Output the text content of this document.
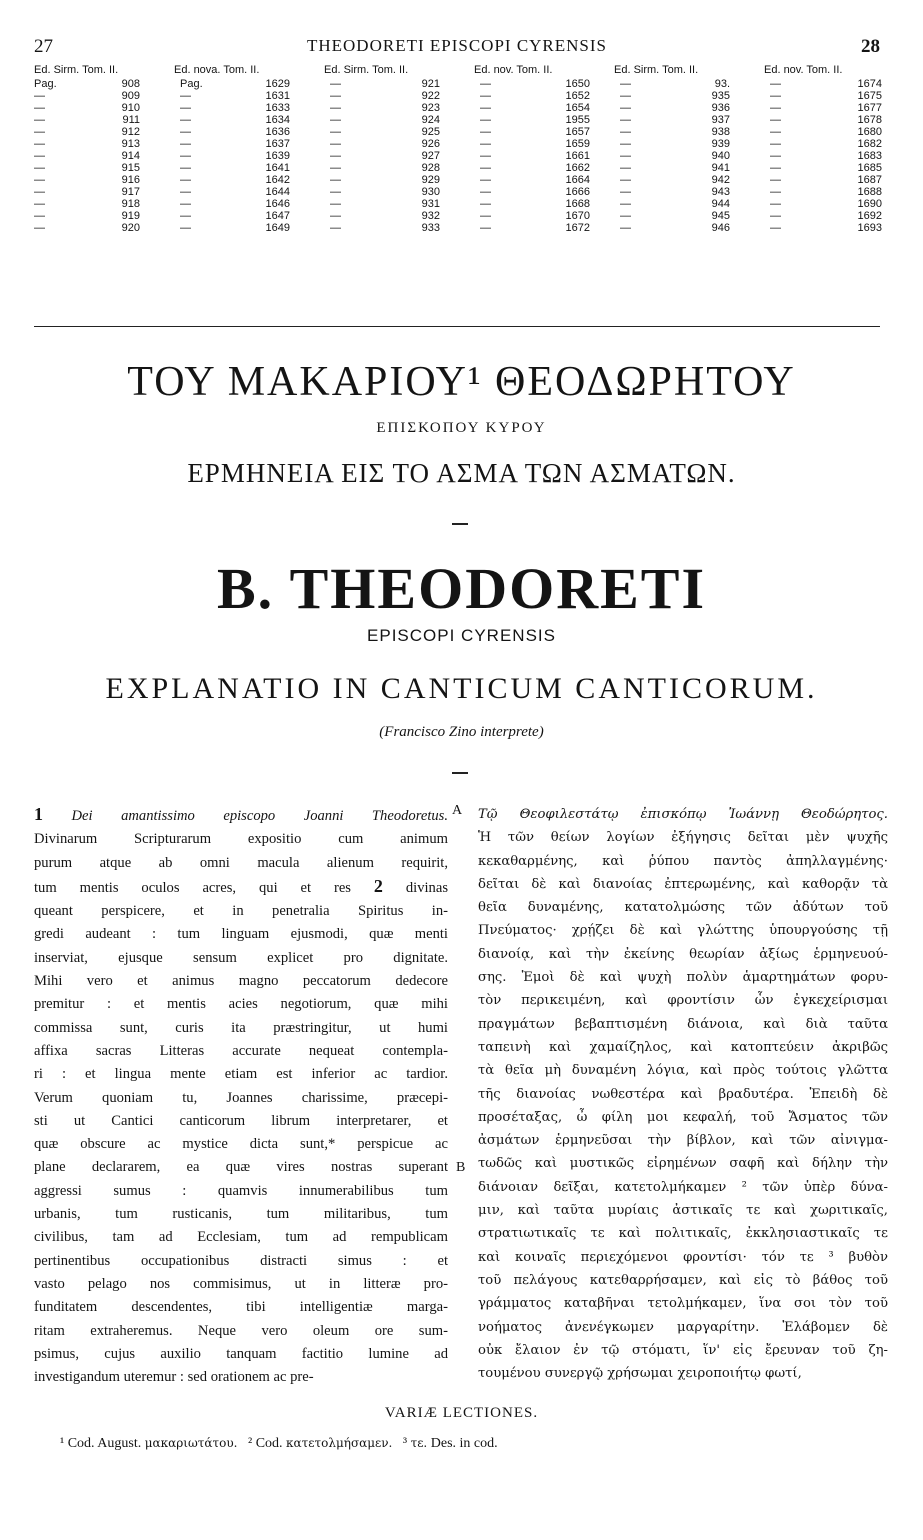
27	THEODORETI EPISCOPI CYRENSIS	28
Ed. Sirm. Tom. II.	Ed. nova. Tom. II.	Ed. Sirm. Tom. II.	Ed. nov. Tom. II.	Ed. Sirm. Tom. II.	Ed. nov. Tom. II.
Pag.	908	Pag.	1629	—	921	—	1650	—	93.	—	1674
—	909	—	1631	—	922	—	1652	—	935	—	1675
—	910	—	1633	—	923	—	1654	—	936	—	1677
—	911	—	1634	—	924	—	1955	—	937	—	1678
—	912	—	1636	—	925	—	1657	—	938	—	1680
—	913	—	1637	—	926	—	1659	—	939	—	1682
—	914	—	1639	—	927	—	1661	—	940	—	1683
—	915	—	1641	—	928	—	1662	—	941	—	1685
—	916	—	1642	—	929	—	1664	—	942	—	1687
—	917	—	1644	—	930	—	1666	—	943	—	1688
—	918	—	1646	—	931	—	1668	—	944	—	1690
—	919	—	1647	—	932	—	1670	—	945	—	1692
—	920	—	1649	—	933	—	1672	—	946	—	1693
ΤΟΥ ΜΑΚΑΡΙΟΥ¹ ΘΕΟΔΩΡΗΤΟΥ
ΕΠΙΣΚΟΠΟΥ ΚΥΡΟΥ
ΕΡΜΗΝΕΙΑ ΕΙΣ ΤΟ ΑΣΜΑ ΤΩΝ ΑΣΜΑΤΩΝ.
B. THEODORETI
EPISCOPI CYRENSIS
EXPLANATIO IN CANTICUM CANTICORUM.
(Francisco Zino interprete)
1 Dei amantissimo episcopo Joanni Theodoretus.
Divinarum Scripturarum expositio cum animum
purum atque ab omni macula alienum requirit,
tum mentis oculos acres, qui et res 2 divinas
queant perspicere, et in penetralia Spiritus in-
gredi audeant : tum linguam ejusmodi, quæ menti
inserviat, ejusque sensum explicet pro dignitate.
Mihi vero et animus magno peccatorum dedecore
premitur : et mentis acies negotiorum, quæ mihi
commissa sunt, curis ita præstringitur, ut humi
affixa sacras Litteras accurate nequeat contempla-
ri : et lingua mente etiam est inferior ac tardior.
Verum quoniam tu, Joannes charissime, præcepi-
sti ut Cantici canticorum librum interpretarer, et
quæ obscure ac mystice dicta sunt,* perspicue ac
plane declararem, ea quæ vires nostras superant
aggressi sumus : quamvis innumerabilibus tum
urbanis, tum rusticanis, tum militaribus, tum
civilibus, tam ad Ecclesiam, tum ad rempublicam
pertinentibus occupationibus distracti simus : et
vasto pelago nos commisimus, ut in litteræ pro-
funditatem descendentes, tibi intelligentiæ marga-
ritam extraheremus. Neque vero oleum ore sum-
psimus, cujus auxilio tanquam factitio lumine ad
investigandum uteremur : sed orationem ac pre-
A
B
Τῷ Θεοφιλεστάτῳ ἐπισκόπῳ Ἰωάννῃ Θεοδώρητος.
Ἡ τῶν θείων λογίων ἐξήγησις δεῖται μὲν ψυχῆς
κεκαθαρμένης, καὶ ῥύπου παντὸς ἀπηλλαγμένης·
δεῖται δὲ καὶ διανοίας ἐπτερωμένης, καὶ καθορᾷν τὰ
θεῖα δυναμένης, κατατολμώσης τῶν ἀδύτων τοῦ
Πνεύματος· χρῄζει δὲ καὶ γλώττης ὑπουργούσης τῇ
διανοίᾳ, καὶ τὴν ἐκείνης θεωρίαν ἀξίως ἑρμηνευού-
σης. Ἐμοὶ δὲ καὶ ψυχὴ πολὺν ἁμαρτημάτων φορυ-
τὸν περικειμένη, καὶ φροντίσιν ὧν ἐγκεχείρισμαι
πραγμάτων βεβαπτισμένη διάνοια, καὶ διὰ ταῦτα
ταπεινὴ καὶ χαμαίζηλος, καὶ κατοπτεύειν ἀκριβῶς
τὰ θεῖα μὴ δυναμένη λόγια, καὶ πρὸς τούτοις γλῶττα
τῆς διανοίας νωθεστέρα καὶ βραδυτέρα. Ἐπειδὴ δὲ
προσέταξας, ὦ φίλη μοι κεφαλή, τοῦ Ἄσματος τῶν
ἀσμάτων ἑρμηνεῦσαι τὴν βίβλον, καὶ τῶν αἰνιγμα-
τωδῶς καὶ μυστικῶς εἰρημένων σαφῆ καὶ δήλην τὴν
διάνοιαν δεῖξαι, κατετολμήκαμεν ² τῶν ὑπὲρ δύνα-
μιν, καὶ ταῦτα μυρίαις ἀστικαῖς τε καὶ χωριτικαῖς,
στρατιωτικαῖς τε καὶ πολιτικαῖς, ἐκκλησιαστικαῖς τε
καὶ κοιναῖς περιεχόμενοι φροντίσι· τόν τε ³ βυθὸν
τοῦ πελάγους κατεθαρρήσαμεν, καὶ εἰς τὸ βάθος τοῦ
γράμματος καταβῆναι τετολμήκαμεν, ἵνα σοι τὸν τοῦ
νοήματος ἀνενέγκωμεν μαργαρίτην. Ἐλάβομεν δὲ
οὐκ ἔλαιον ἐν τῷ στόματι, ἵν' εἰς ἔρευναν τοῦ ζη-
τουμένου συνεργῷ χρήσωμαι χειροποιήτῳ φωτί,
VARIÆ LECTIONES.
¹ Cod. August. μακαριωτάτου. ² Cod. κατετολμήσαμεν. ³ τε. Des. in cod.
